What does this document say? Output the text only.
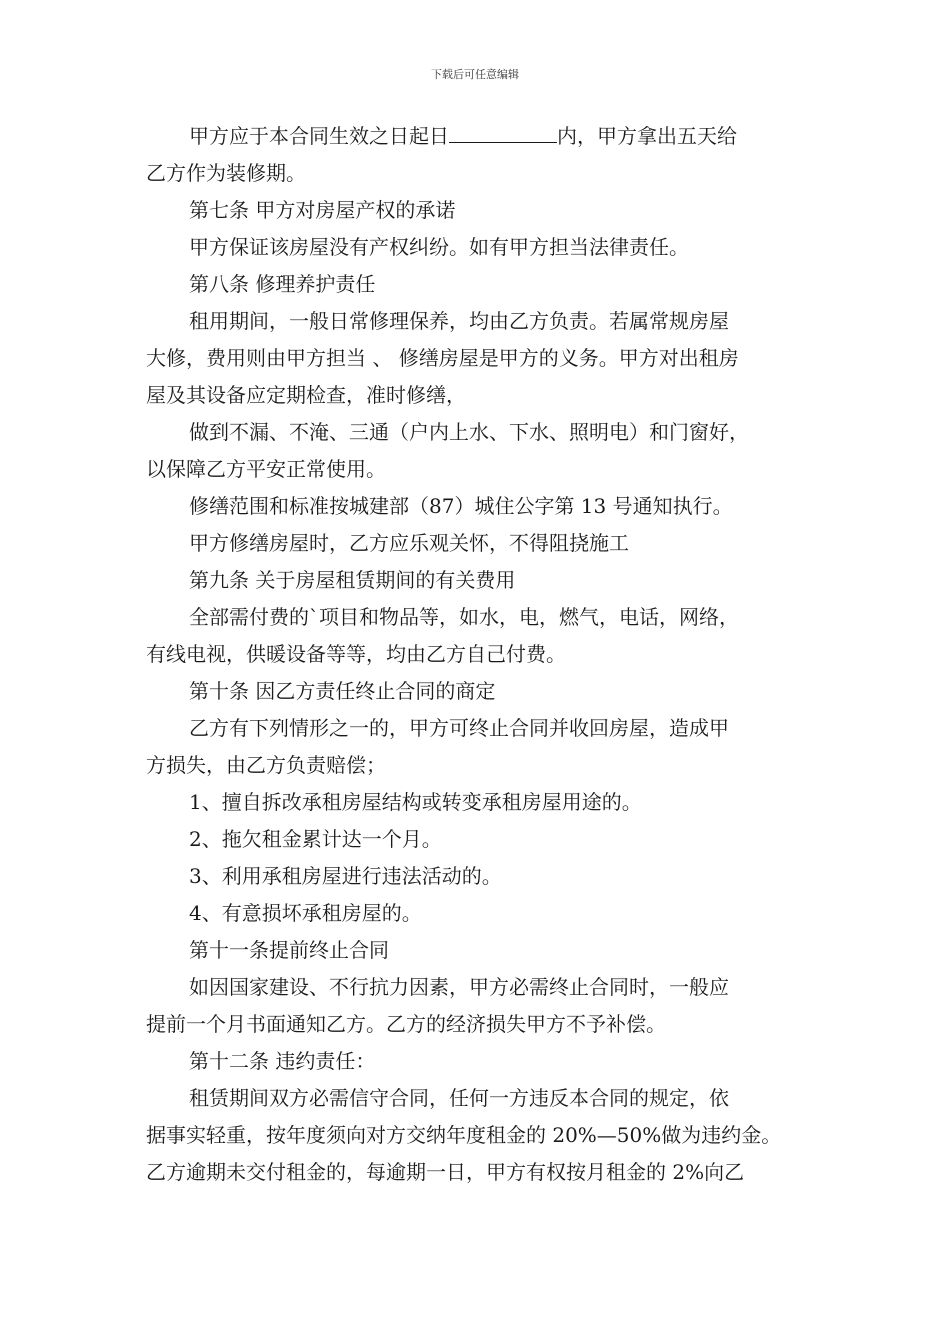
下载后可任意编辑
甲方应于本合同生效之日起日	内，甲方拿出五天给
乙方作为装修期。
第七条 甲方对房屋产权的承诺
甲方保证该房屋没有产权纠纷。如有甲方担当法律责任。
第八条 修理养护责任
租用期间，一般日常修理保养，均由乙方负责。若属常规房屋
大修，费用则由甲方担当 、 修缮房屋是甲方的义务。甲方对出租房
屋及其设备应定期检查，准时修缮，
做到不漏、不淹、三通（户内上水、下水、照明电）和门窗好，
以保障乙方平安正常使用。
修缮范围和标准按城建部（87）城住公字第 13 号通知执行。
甲方修缮房屋时，乙方应乐观关怀，不得阻挠施工
第九条 关于房屋租赁期间的有关费用
全部需付费的`项目和物品等，如水，电，燃气，电话，网络，
有线电视，供暖设备等等，均由乙方自己付费。
第十条 因乙方责任终止合同的商定
乙方有下列情形之一的，甲方可终止合同并收回房屋，造成甲
方损失，由乙方负责赔偿；
1、擅自拆改承租房屋结构或转变承租房屋用途的。
2、拖欠租金累计达一个月。
3、利用承租房屋进行违法活动的。
4、有意损坏承租房屋的。
第十一条提前终止合同
如因国家建设、不行抗力因素，甲方必需终止合同时，一般应
提前一个月书面通知乙方。乙方的经济损失甲方不予补偿。
第十二条 违约责任：
租赁期间双方必需信守合同，任何一方违反本合同的规定，依
据事实轻重，按年度须向对方交纳年度租金的 20%—50%做为违约金。
乙方逾期未交付租金的，每逾期一日，甲方有权按月租金的 2%向乙
